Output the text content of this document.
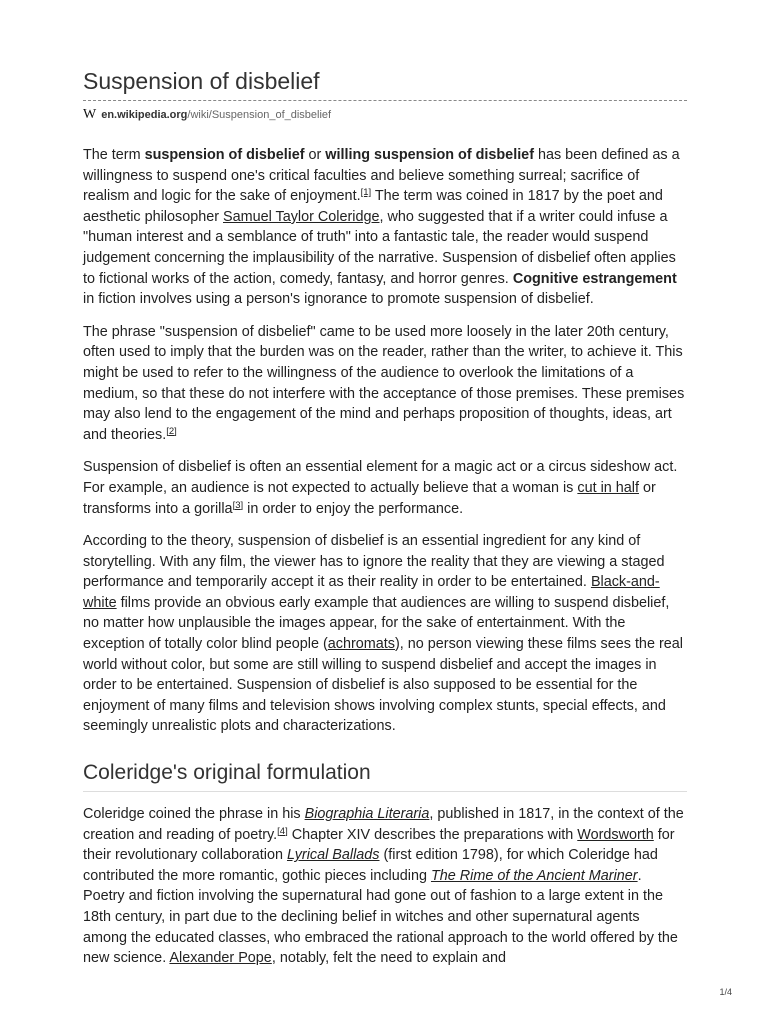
Suspension of disbelief
W en.wikipedia.org/wiki/Suspension_of_disbelief

The term suspension of disbelief or willing suspension of disbelief has been defined as a willingness to suspend one's critical faculties and believe something surreal; sacrifice of realism and logic for the sake of enjoyment.[1] The term was coined in 1817 by the poet and aesthetic philosopher Samuel Taylor Coleridge, who suggested that if a writer could infuse a "human interest and a semblance of truth" into a fantastic tale, the reader would suspend judgement concerning the implausibility of the narrative. Suspension of disbelief often applies to fictional works of the action, comedy, fantasy, and horror genres. Cognitive estrangement in fiction involves using a person's ignorance to promote suspension of disbelief.

The phrase "suspension of disbelief" came to be used more loosely in the later 20th century, often used to imply that the burden was on the reader, rather than the writer, to achieve it. This might be used to refer to the willingness of the audience to overlook the limitations of a medium, so that these do not interfere with the acceptance of those premises. These premises may also lend to the engagement of the mind and perhaps proposition of thoughts, ideas, art and theories.[2]

Suspension of disbelief is often an essential element for a magic act or a circus sideshow act. For example, an audience is not expected to actually believe that a woman is cut in half or transforms into a gorilla[3] in order to enjoy the performance.

According to the theory, suspension of disbelief is an essential ingredient for any kind of storytelling. With any film, the viewer has to ignore the reality that they are viewing a staged performance and temporarily accept it as their reality in order to be entertained. Black-and-white films provide an obvious early example that audiences are willing to suspend disbelief, no matter how unplausible the images appear, for the sake of entertainment. With the exception of totally color blind people (achromats), no person viewing these films sees the real world without color, but some are still willing to suspend disbelief and accept the images in order to be entertained. Suspension of disbelief is also supposed to be essential for the enjoyment of many films and television shows involving complex stunts, special effects, and seemingly unrealistic plots and characterizations.

Coleridge's original formulation

Coleridge coined the phrase in his Biographia Literaria, published in 1817, in the context of the creation and reading of poetry.[4] Chapter XIV describes the preparations with Wordsworth for their revolutionary collaboration Lyrical Ballads (first edition 1798), for which Coleridge had contributed the more romantic, gothic pieces including The Rime of the Ancient Mariner. Poetry and fiction involving the supernatural had gone out of fashion to a large extent in the 18th century, in part due to the declining belief in witches and other supernatural agents among the educated classes, who embraced the rational approach to the world offered by the new science. Alexander Pope, notably, felt the need to explain and

1/4
